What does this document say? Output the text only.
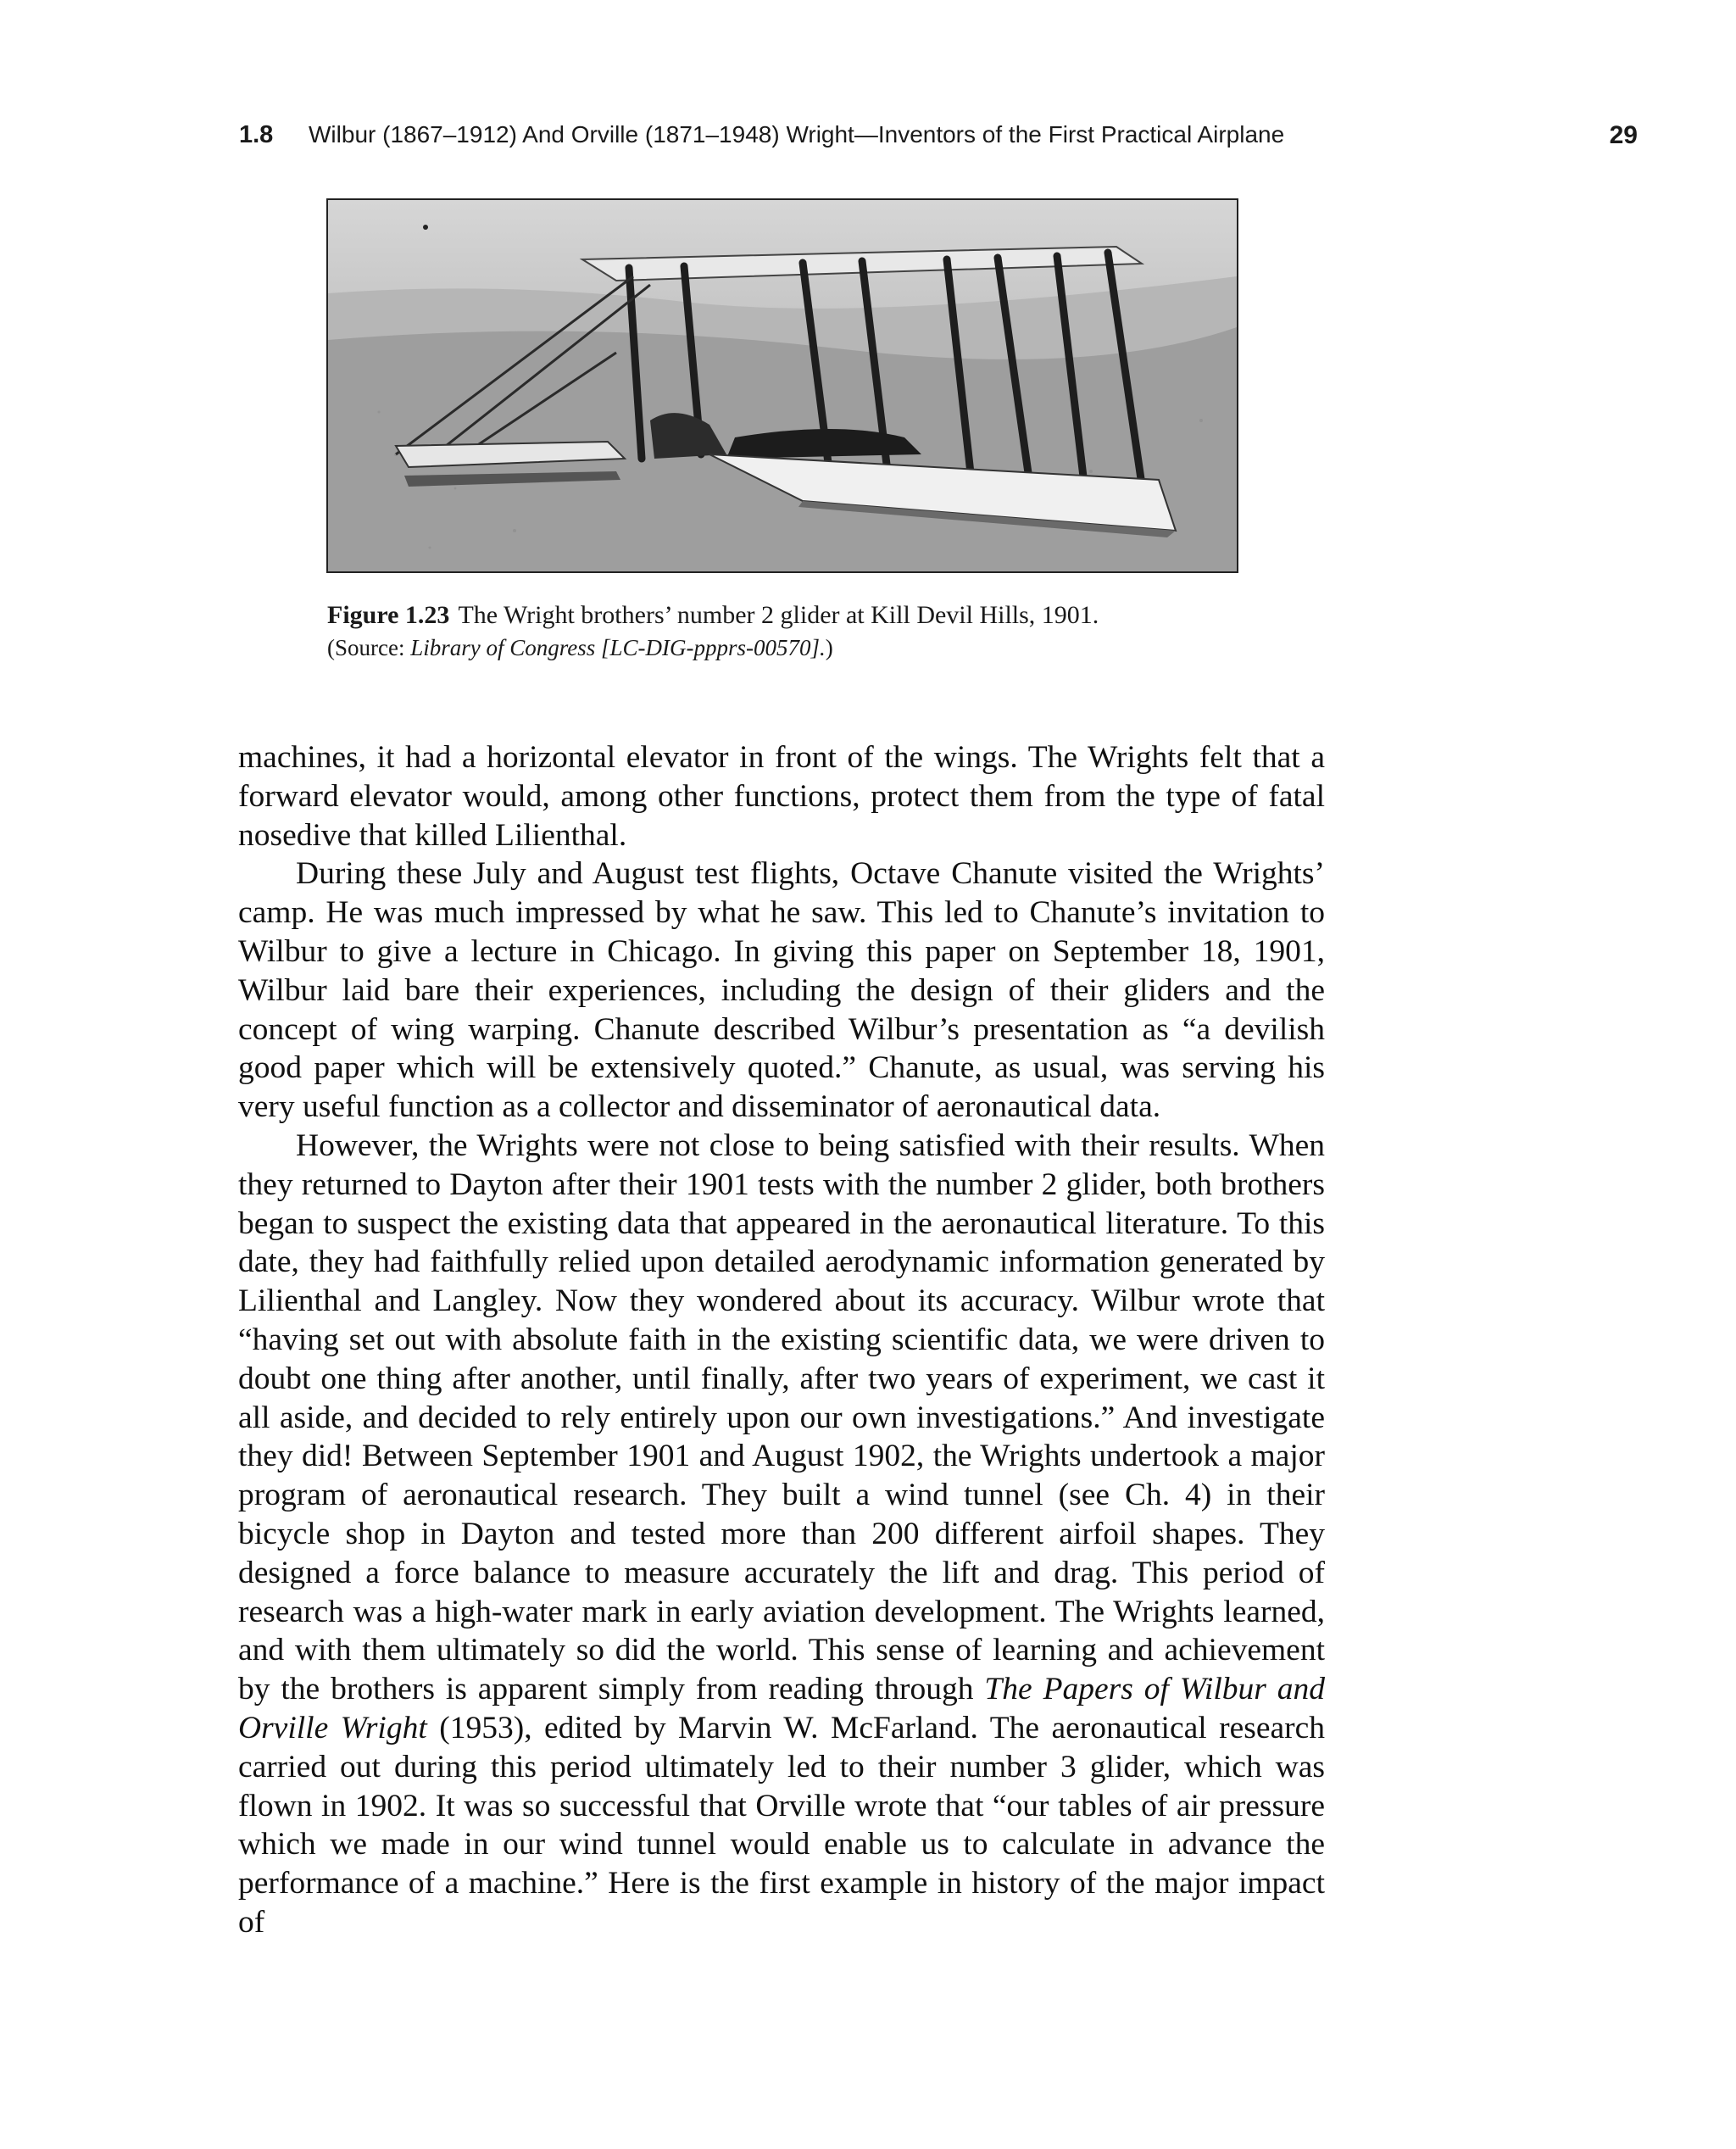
1.8 Wilbur (1867–1912) And Orville (1871–1948) Wright—Inventors of the First Practical Airplane	29
Figure 1.23 The Wright brothers’ number 2 glider at Kill Devil Hills, 1901.
(Source: Library of Congress [LC-DIG-ppprs-00570].)

machines, it had a horizontal elevator in front of the wings. The Wrights felt that a forward elevator would, among other functions, protect them from the type of fatal nosedive that killed Lilienthal.

During these July and August test flights, Octave Chanute visited the Wrights’ camp. He was much impressed by what he saw. This led to Chanute’s invitation to Wilbur to give a lecture in Chicago. In giving this paper on September 18, 1901, Wilbur laid bare their experiences, including the design of their gliders and the concept of wing warping. Chanute described Wilbur’s presentation as “a devilish good paper which will be extensively quoted.” Chanute, as usual, was serving his very useful function as a collector and disseminator of aeronautical data.

However, the Wrights were not close to being satisfied with their results. When they returned to Dayton after their 1901 tests with the number 2 glider, both brothers began to suspect the existing data that appeared in the aeronautical literature. To this date, they had faithfully relied upon detailed aerodynamic information generated by Lilienthal and Langley. Now they wondered about its accuracy. Wilbur wrote that “having set out with absolute faith in the existing scientific data, we were driven to doubt one thing after another, until finally, after two years of experiment, we cast it all aside, and decided to rely entirely upon our own investigations.” And investigate they did! Between September 1901 and August 1902, the Wrights undertook a major program of aeronautical research. They built a wind tunnel (see Ch. 4) in their bicycle shop in Dayton and tested more than 200 different airfoil shapes. They designed a force balance to measure accurately the lift and drag. This period of research was a high-water mark in early aviation development. The Wrights learned, and with them ultimately so did the world. This sense of learning and achievement by the brothers is apparent simply from reading through The Papers of Wilbur and Orville Wright (1953), edited by Marvin W. McFarland. The aeronautical research carried out during this period ultimately led to their number 3 glider, which was flown in 1902. It was so successful that Orville wrote that “our tables of air pressure which we made in our wind tunnel would enable us to calculate in advance the performance of a machine.” Here is the first example in history of the major impact of
